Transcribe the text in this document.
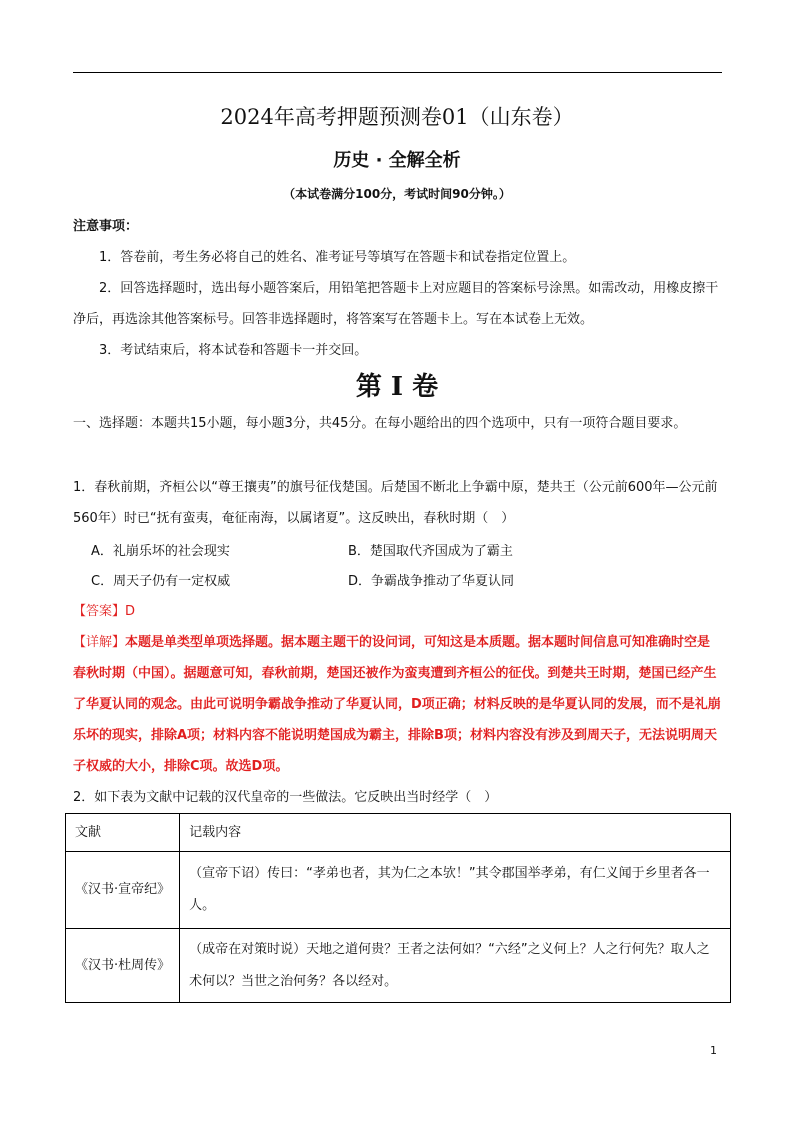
2024年高考押题预测卷01（山东卷）
历史 · 全解全析
（本试卷满分100分，考试时间90分钟。）

注意事项：

1．答卷前，考生务必将自己的姓名、准考证号等填写在答题卡和试卷指定位置上。

2．回答选择题时，选出每小题答案后，用铅笔把答题卡上对应题目的答案标号涂黑。如需改动，用橡皮擦干净后，再选涂其他答案标号。回答非选择题时，将答案写在答题卡上。写在本试卷上无效。

3．考试结束后，将本试卷和答题卡一并交回。

第 I 卷

一、选择题：本题共15小题，每小题3分，共45分。在每小题给出的四个选项中，只有一项符合题目要求。

1．春秋前期，齐桓公以“尊王攘夷”的旗号征伐楚国。后楚国不断北上争霸中原，楚共王（公元前600年—公元前560年）时已“抚有蛮夷，奄征南海，以属诸夏”。这反映出，春秋时期（　）

A．礼崩乐坏的社会现实	B．楚国取代齐国成为了霸主
C．周天子仍有一定权威	D．争霸战争推动了华夏认同

【答案】D

【详解】本题是单类型单项选择题。据本题主题干的设问词，可知这是本质题。据本题时间信息可知准确时空是春秋时期（中国）。据题意可知，春秋前期，楚国还被作为蛮夷遭到齐桓公的征伐。到楚共王时期，楚国已经产生了华夏认同的观念。由此可说明争霸战争推动了华夏认同，D项正确；材料反映的是华夏认同的发展，而不是礼崩乐坏的现实，排除A项；材料内容不能说明楚国成为霸主，排除B项；材料内容没有涉及到周天子，无法说明周天子权威的大小，排除C项。故选D项。

2．如下表为文献中记载的汉代皇帝的一些做法。它反映出当时经学（　）

文献	记载内容
《汉书·宣帝纪》	（宣帝下诏）传曰：“孝弟也者，其为仁之本欤！”其令郡国举孝弟，有仁义闻于乡里者各一人。
《汉书·杜周传》	（成帝在对策时说）天地之道何贵？王者之法何如？“六经”之义何上？人之行何先？取人之术何以？当世之治何务？各以经对。
1
